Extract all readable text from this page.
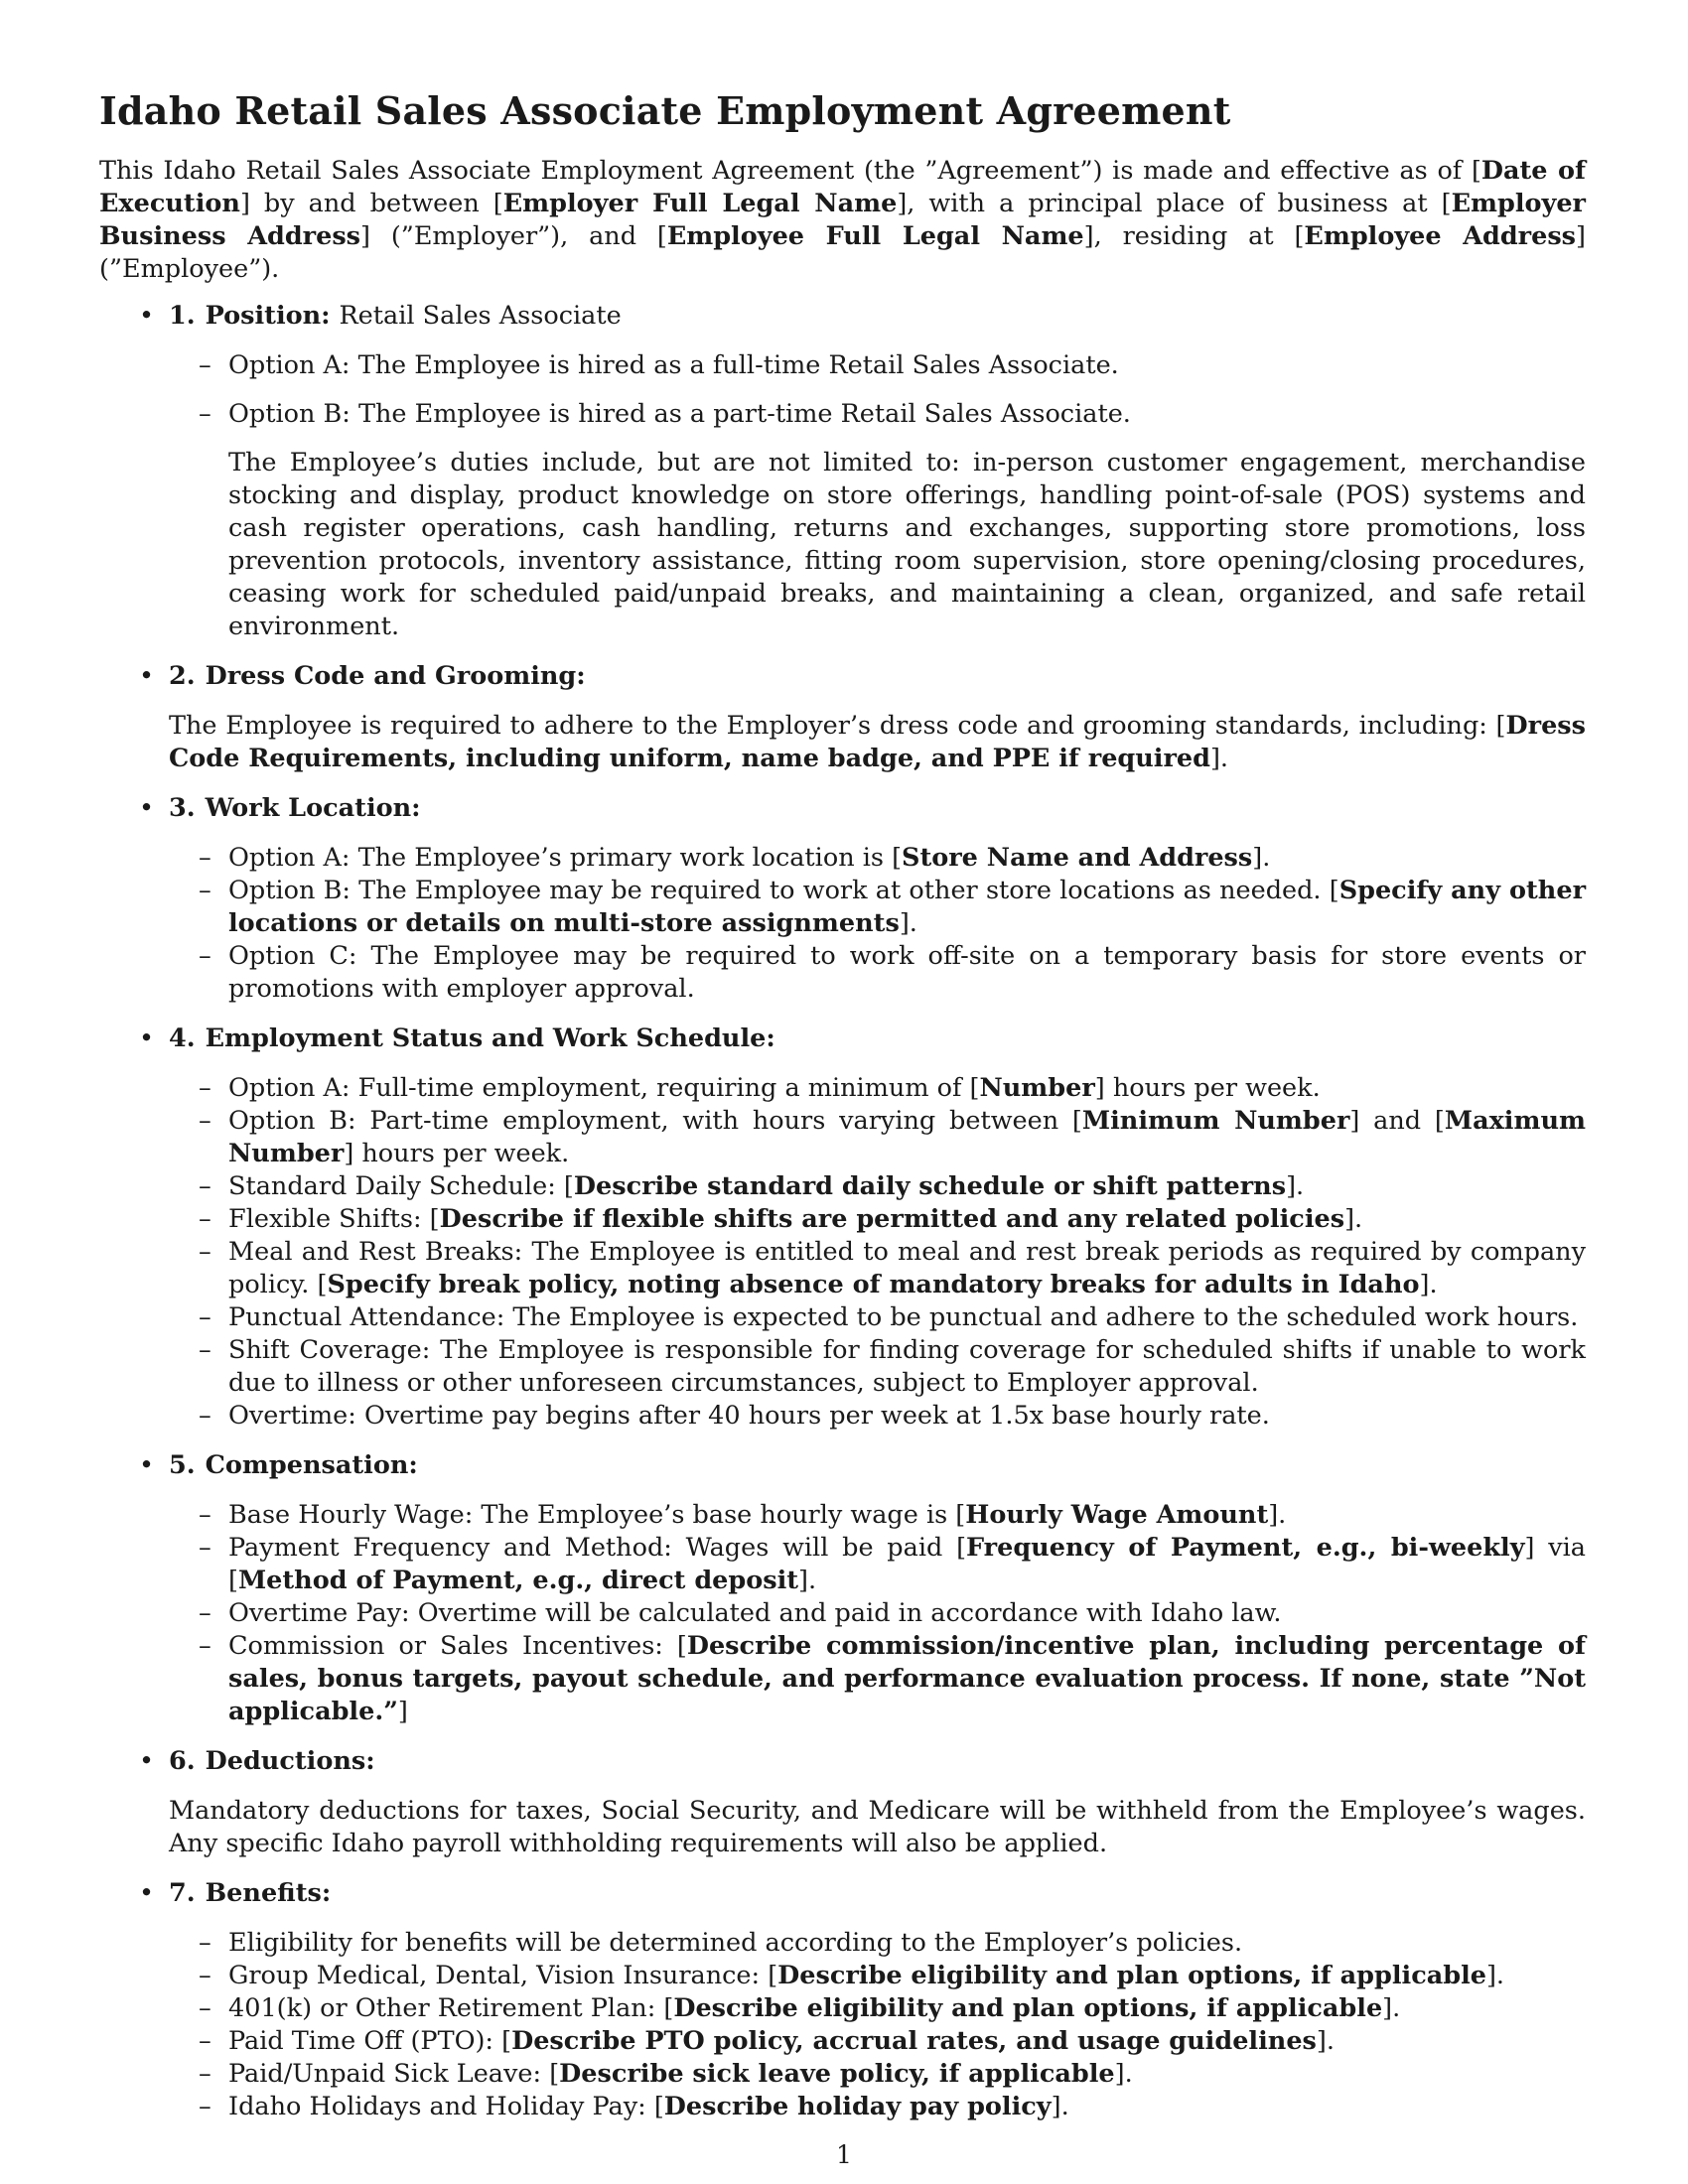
Idaho Retail Sales Associate Employment Agreement

This Idaho Retail Sales Associate Employment Agreement (the ”Agreement”) is made and effective as of [Date of Execution] by and between [Employer Full Legal Name], with a principal place of business at [Employer Business Address] (”Employer”), and [Employee Full Legal Name], residing at [Employee Address] (”Employee”).

• 1. Position: Retail Sales Associate
– Option A: The Employee is hired as a full-time Retail Sales Associate.
– Option B: The Employee is hired as a part-time Retail Sales Associate.

The Employee’s duties include, but are not limited to: in-person customer engagement, merchandise stocking and display, product knowledge on store offerings, handling point-of-sale (POS) systems and cash register operations, cash handling, returns and exchanges, supporting store promotions, loss prevention protocols, inventory assistance, fitting room supervision, store opening/closing procedures, ceasing work for scheduled paid/unpaid breaks, and maintaining a clean, organized, and safe retail environment.

• 2. Dress Code and Grooming:

The Employee is required to adhere to the Employer’s dress code and grooming standards, including: [Dress Code Requirements, including uniform, name badge, and PPE if required].

• 3. Work Location:
– Option A: The Employee’s primary work location is [Store Name and Address].
– Option B: The Employee may be required to work at other store locations as needed. [Specify any other locations or details on multi-store assignments].
– Option C: The Employee may be required to work off-site on a temporary basis for store events or promotions with employer approval.
• 4. Employment Status and Work Schedule:
– Option A: Full-time employment, requiring a minimum of [Number] hours per week.
– Option B: Part-time employment, with hours varying between [Minimum Number] and [Maximum Number] hours per week.
– Standard Daily Schedule: [Describe standard daily schedule or shift patterns].
– Flexible Shifts: [Describe if flexible shifts are permitted and any related policies].
– Meal and Rest Breaks: The Employee is entitled to meal and rest break periods as required by company policy. [Specify break policy, noting absence of mandatory breaks for adults in Idaho].
– Punctual Attendance: The Employee is expected to be punctual and adhere to the scheduled work hours.
– Shift Coverage: The Employee is responsible for finding coverage for scheduled shifts if unable to work due to illness or other unforeseen circumstances, subject to Employer approval.
– Overtime: Overtime pay begins after 40 hours per week at 1.5x base hourly rate.
• 5. Compensation:
– Base Hourly Wage: The Employee’s base hourly wage is [Hourly Wage Amount].
– Payment Frequency and Method: Wages will be paid [Frequency of Payment, e.g., bi-weekly] via [Method of Payment, e.g., direct deposit].
– Overtime Pay: Overtime will be calculated and paid in accordance with Idaho law.
– Commission or Sales Incentives: [Describe commission/incentive plan, including percentage of sales, bonus targets, payout schedule, and performance evaluation process. If none, state ”Not applicable.”]
• 6. Deductions:

Mandatory deductions for taxes, Social Security, and Medicare will be withheld from the Employee’s wages. Any specific Idaho payroll withholding requirements will also be applied.

• 7. Benefits:
– Eligibility for benefits will be determined according to the Employer’s policies.
– Group Medical, Dental, Vision Insurance: [Describe eligibility and plan options, if applicable].
– 401(k) or Other Retirement Plan: [Describe eligibility and plan options, if applicable].
– Paid Time Off (PTO): [Describe PTO policy, accrual rates, and usage guidelines].
– Paid/Unpaid Sick Leave: [Describe sick leave policy, if applicable].
– Idaho Holidays and Holiday Pay: [Describe holiday pay policy].
1
